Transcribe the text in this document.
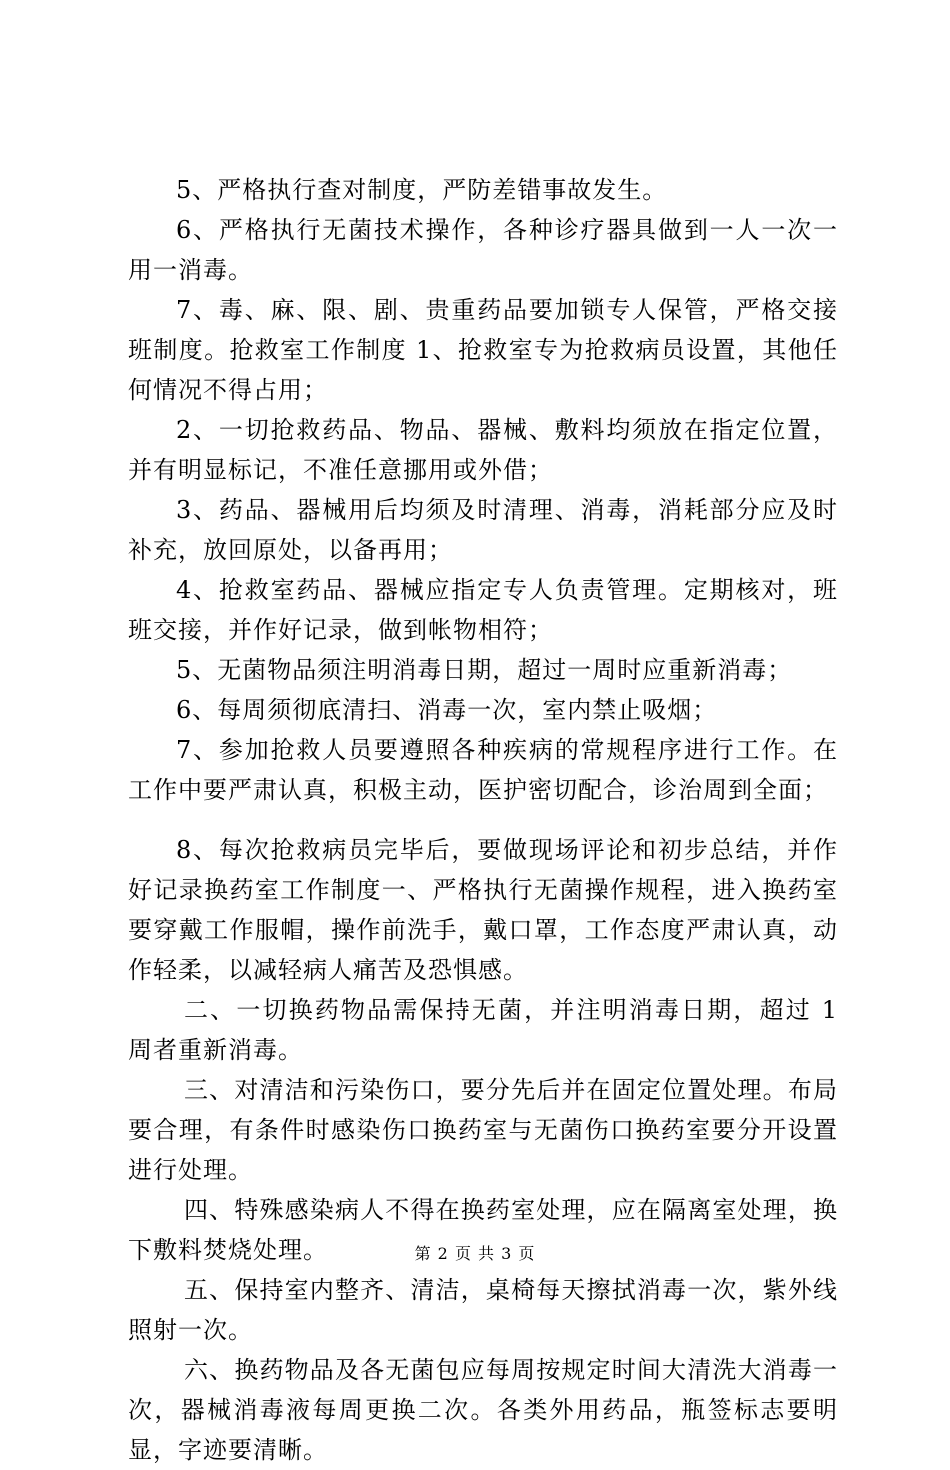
5、严格执行查对制度，严防差错事故发生。

6、严格执行无菌技术操作，各种诊疗器具做到一人一次一用一消毒。

7、毒、麻、限、剧、贵重药品要加锁专人保管，严格交接班制度。抢救室工作制度 1、抢救室专为抢救病员设置，其他任何情况不得占用；

2、一切抢救药品、物品、器械、敷料均须放在指定位置，并有明显标记，不准任意挪用或外借；

3、药品、器械用后均须及时清理、消毒，消耗部分应及时补充，放回原处，以备再用；

4、抢救室药品、器械应指定专人负责管理。定期核对，班班交接，并作好记录，做到帐物相符；

5、无菌物品须注明消毒日期，超过一周时应重新消毒；

6、每周须彻底清扫、消毒一次，室内禁止吸烟；

7、参加抢救人员要遵照各种疾病的常规程序进行工作。在工作中要严肃认真，积极主动，医护密切配合，诊治周到全面；

8、每次抢救病员完毕后，要做现场评论和初步总结，并作好记录换药室工作制度一、严格执行无菌操作规程，进入换药室要穿戴工作服帽，操作前洗手，戴口罩，工作态度严肃认真，动作轻柔，以减轻病人痛苦及恐惧感。

二、一切换药物品需保持无菌，并注明消毒日期，超过 1 周者重新消毒。

三、对清洁和污染伤口，要分先后并在固定位置处理。布局要合理，有条件时感染伤口换药室与无菌伤口换药室要分开设置进行处理。

四、特殊感染病人不得在换药室处理，应在隔离室处理，换下敷料焚烧处理。

五、保持室内整齐、清洁，桌椅每天擦拭消毒一次，紫外线照射一次。

六、换药物品及各无菌包应每周按规定时间大清洗大消毒一次，器械消毒液每周更换二次。各类外用药品，瓶签标志要明显，字迹要清晰。

第 2 页 共 3 页
